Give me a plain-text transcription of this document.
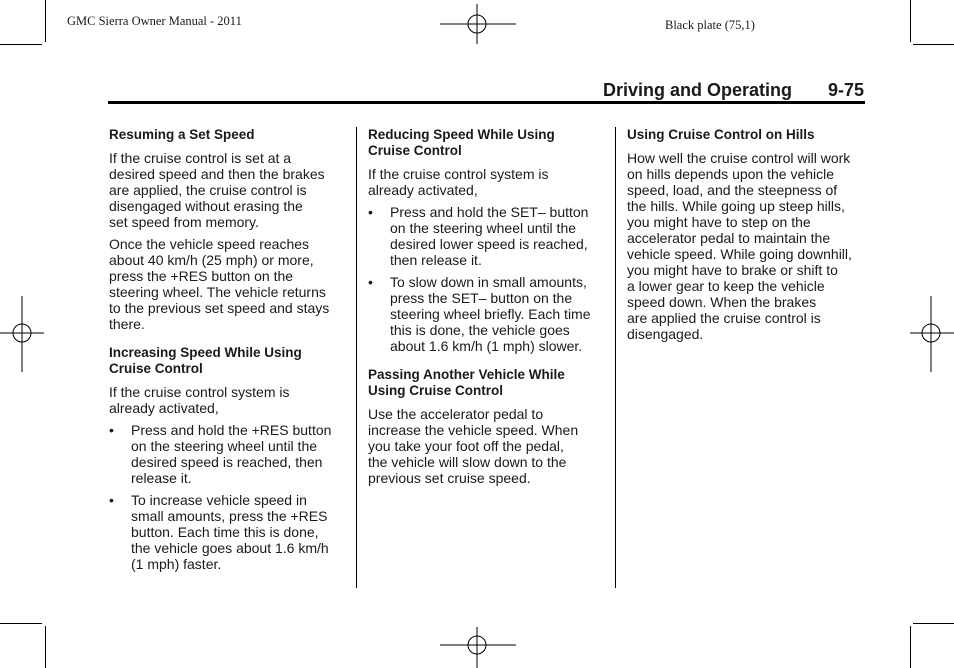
GMC Sierra Owner Manual - 2011	Black plate (75,1)
Driving and Operating 9-75
Resuming a Set Speed

If the cruise control is set at a
desired speed and then the brakes
are applied, the cruise control is
disengaged without erasing the
set speed from memory.

Once the vehicle speed reaches
about 40 km/h (25 mph) or more,
press the +RES button on the
steering wheel. The vehicle returns
to the previous set speed and stays
there.

Increasing Speed While Using
Cruise Control

If the cruise control system is
already activated,

• Press and hold the +RES button
on the steering wheel until the
desired speed is reached, then
release it.
• To increase vehicle speed in
small amounts, press the +RES
button. Each time this is done,
the vehicle goes about 1.6 km/h
(1 mph) faster.
Reducing Speed While Using
Cruise Control

If the cruise control system is
already activated,

• Press and hold the SET– button
on the steering wheel until the
desired lower speed is reached,
then release it.
• To slow down in small amounts,
press the SET– button on the
steering wheel briefly. Each time
this is done, the vehicle goes
about 1.6 km/h (1 mph) slower.
Passing Another Vehicle While
Using Cruise Control

Use the accelerator pedal to
increase the vehicle speed. When
you take your foot off the pedal,
the vehicle will slow down to the
previous set cruise speed.

Using Cruise Control on Hills

How well the cruise control will work
on hills depends upon the vehicle
speed, load, and the steepness of
the hills. While going up steep hills,
you might have to step on the
accelerator pedal to maintain the
vehicle speed. While going downhill,
you might have to brake or shift to
a lower gear to keep the vehicle
speed down. When the brakes
are applied the cruise control is
disengaged.
